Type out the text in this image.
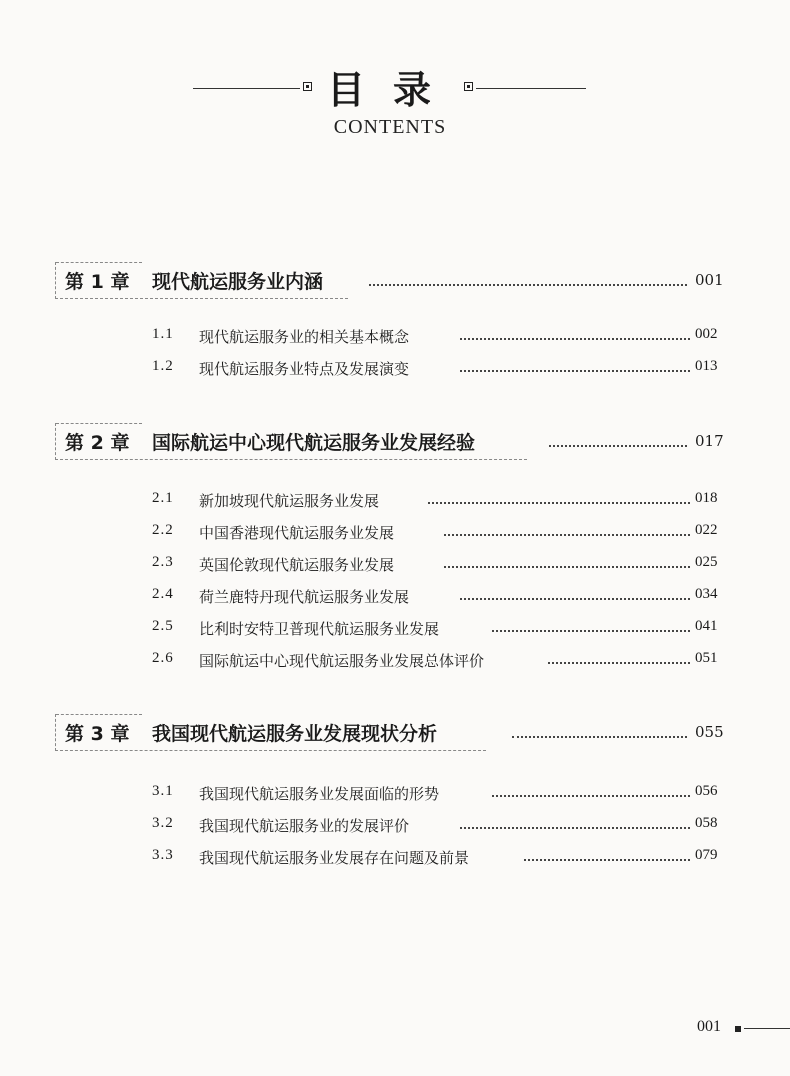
目录
CONTENTS
第 1 章 现代航运服务业内涵	001
1.1 现代航运服务业的相关基本概念	002
1.2 现代航运服务业特点及发展演变	013
第 2 章 国际航运中心现代航运服务业发展经验	017
2.1 新加坡现代航运服务业发展	018
2.2 中国香港现代航运服务业发展	022
2.3 英国伦敦现代航运服务业发展	025
2.4 荷兰鹿特丹现代航运服务业发展	034
2.5 比利时安特卫普现代航运服务业发展	041
2.6 国际航运中心现代航运服务业发展总体评价	051
第 3 章 我国现代航运服务业发展现状分析	055
3.1 我国现代航运服务业发展面临的形势	056
3.2 我国现代航运服务业的发展评价	058
3.3 我国现代航运服务业发展存在问题及前景	079
001
